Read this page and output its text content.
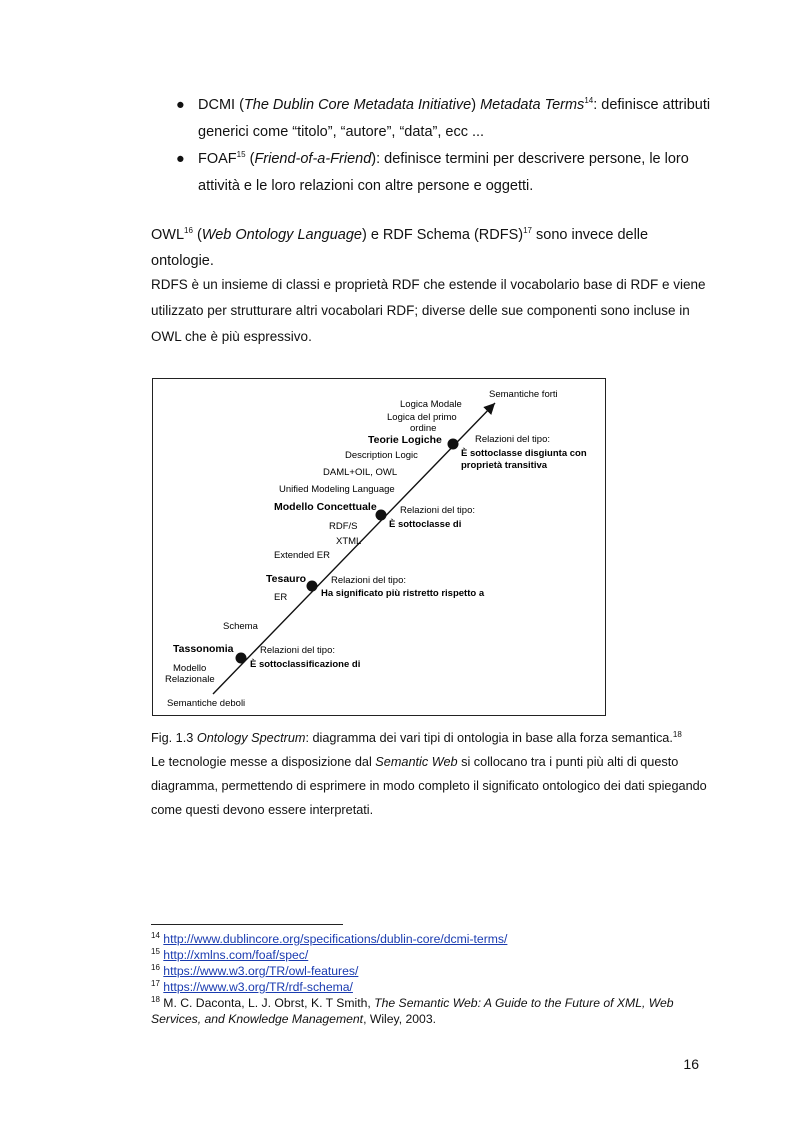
● DCMI (The Dublin Core Metadata Initiative) Metadata Terms$^{14}$: definisce attributi generici come “titolo”, “autore”, “data”, ecc ...
● FOAF$^{15}$ (Friend-of-a-Friend): definisce termini per descrivere persone, le loro attività e le loro relazioni con altre persone e oggetti.
OWL$^{16}$ (Web Ontology Language) e RDF Schema (RDFS)$^{17}$ sono invece delle ontologie.
RDFS è un insieme di classi e proprietà RDF che estende il vocabolario base di RDF e viene utilizzato per strutturare altri vocabolari RDF; diverse delle sue componenti sono incluse in OWL che è più espressivo.
Semantiche forti
Logica Modale
Logica del primo
ordine
Teorie Logiche
Description Logic
DAML+OIL, OWL
Unified Modeling Language
Modello Concettuale
RDF/S
XTML
Extended ER
Tesauro
ER
Schema
Tassonomia
Modello
Relazionale
Semantiche deboli
Relazioni del tipo:
È sottoclasse disgiunta con
proprietà transitiva
Relazioni del tipo:
È sottoclasse di
Relazioni del tipo:
Ha significato più ristretto rispetto a
Relazioni del tipo:
È sottoclassificazione di
Fig. 1.3 Ontology Spectrum: diagramma dei vari tipi di ontologia in base alla forza semantica.$^{18}$
Le tecnologie messe a disposizione dal Semantic Web si collocano tra i punti più alti di questo diagramma, permettendo di esprimere in modo completo il significato ontologico dei dati spiegando come questi devono essere interpretati.
$^{14}$ http://www.dublincore.org/specifications/dublin-core/dcmi-terms/
$^{15}$ http://xmlns.com/foaf/spec/
$^{16}$ https://www.w3.org/TR/owl-features/
$^{17}$ https://www.w3.org/TR/rdf-schema/
$^{18}$ M. C. Daconta, L. J. Obrst, K. T Smith, The Semantic Web: A Guide to the Future of XML, Web Services, and Knowledge Management, Wiley, 2003.
16
